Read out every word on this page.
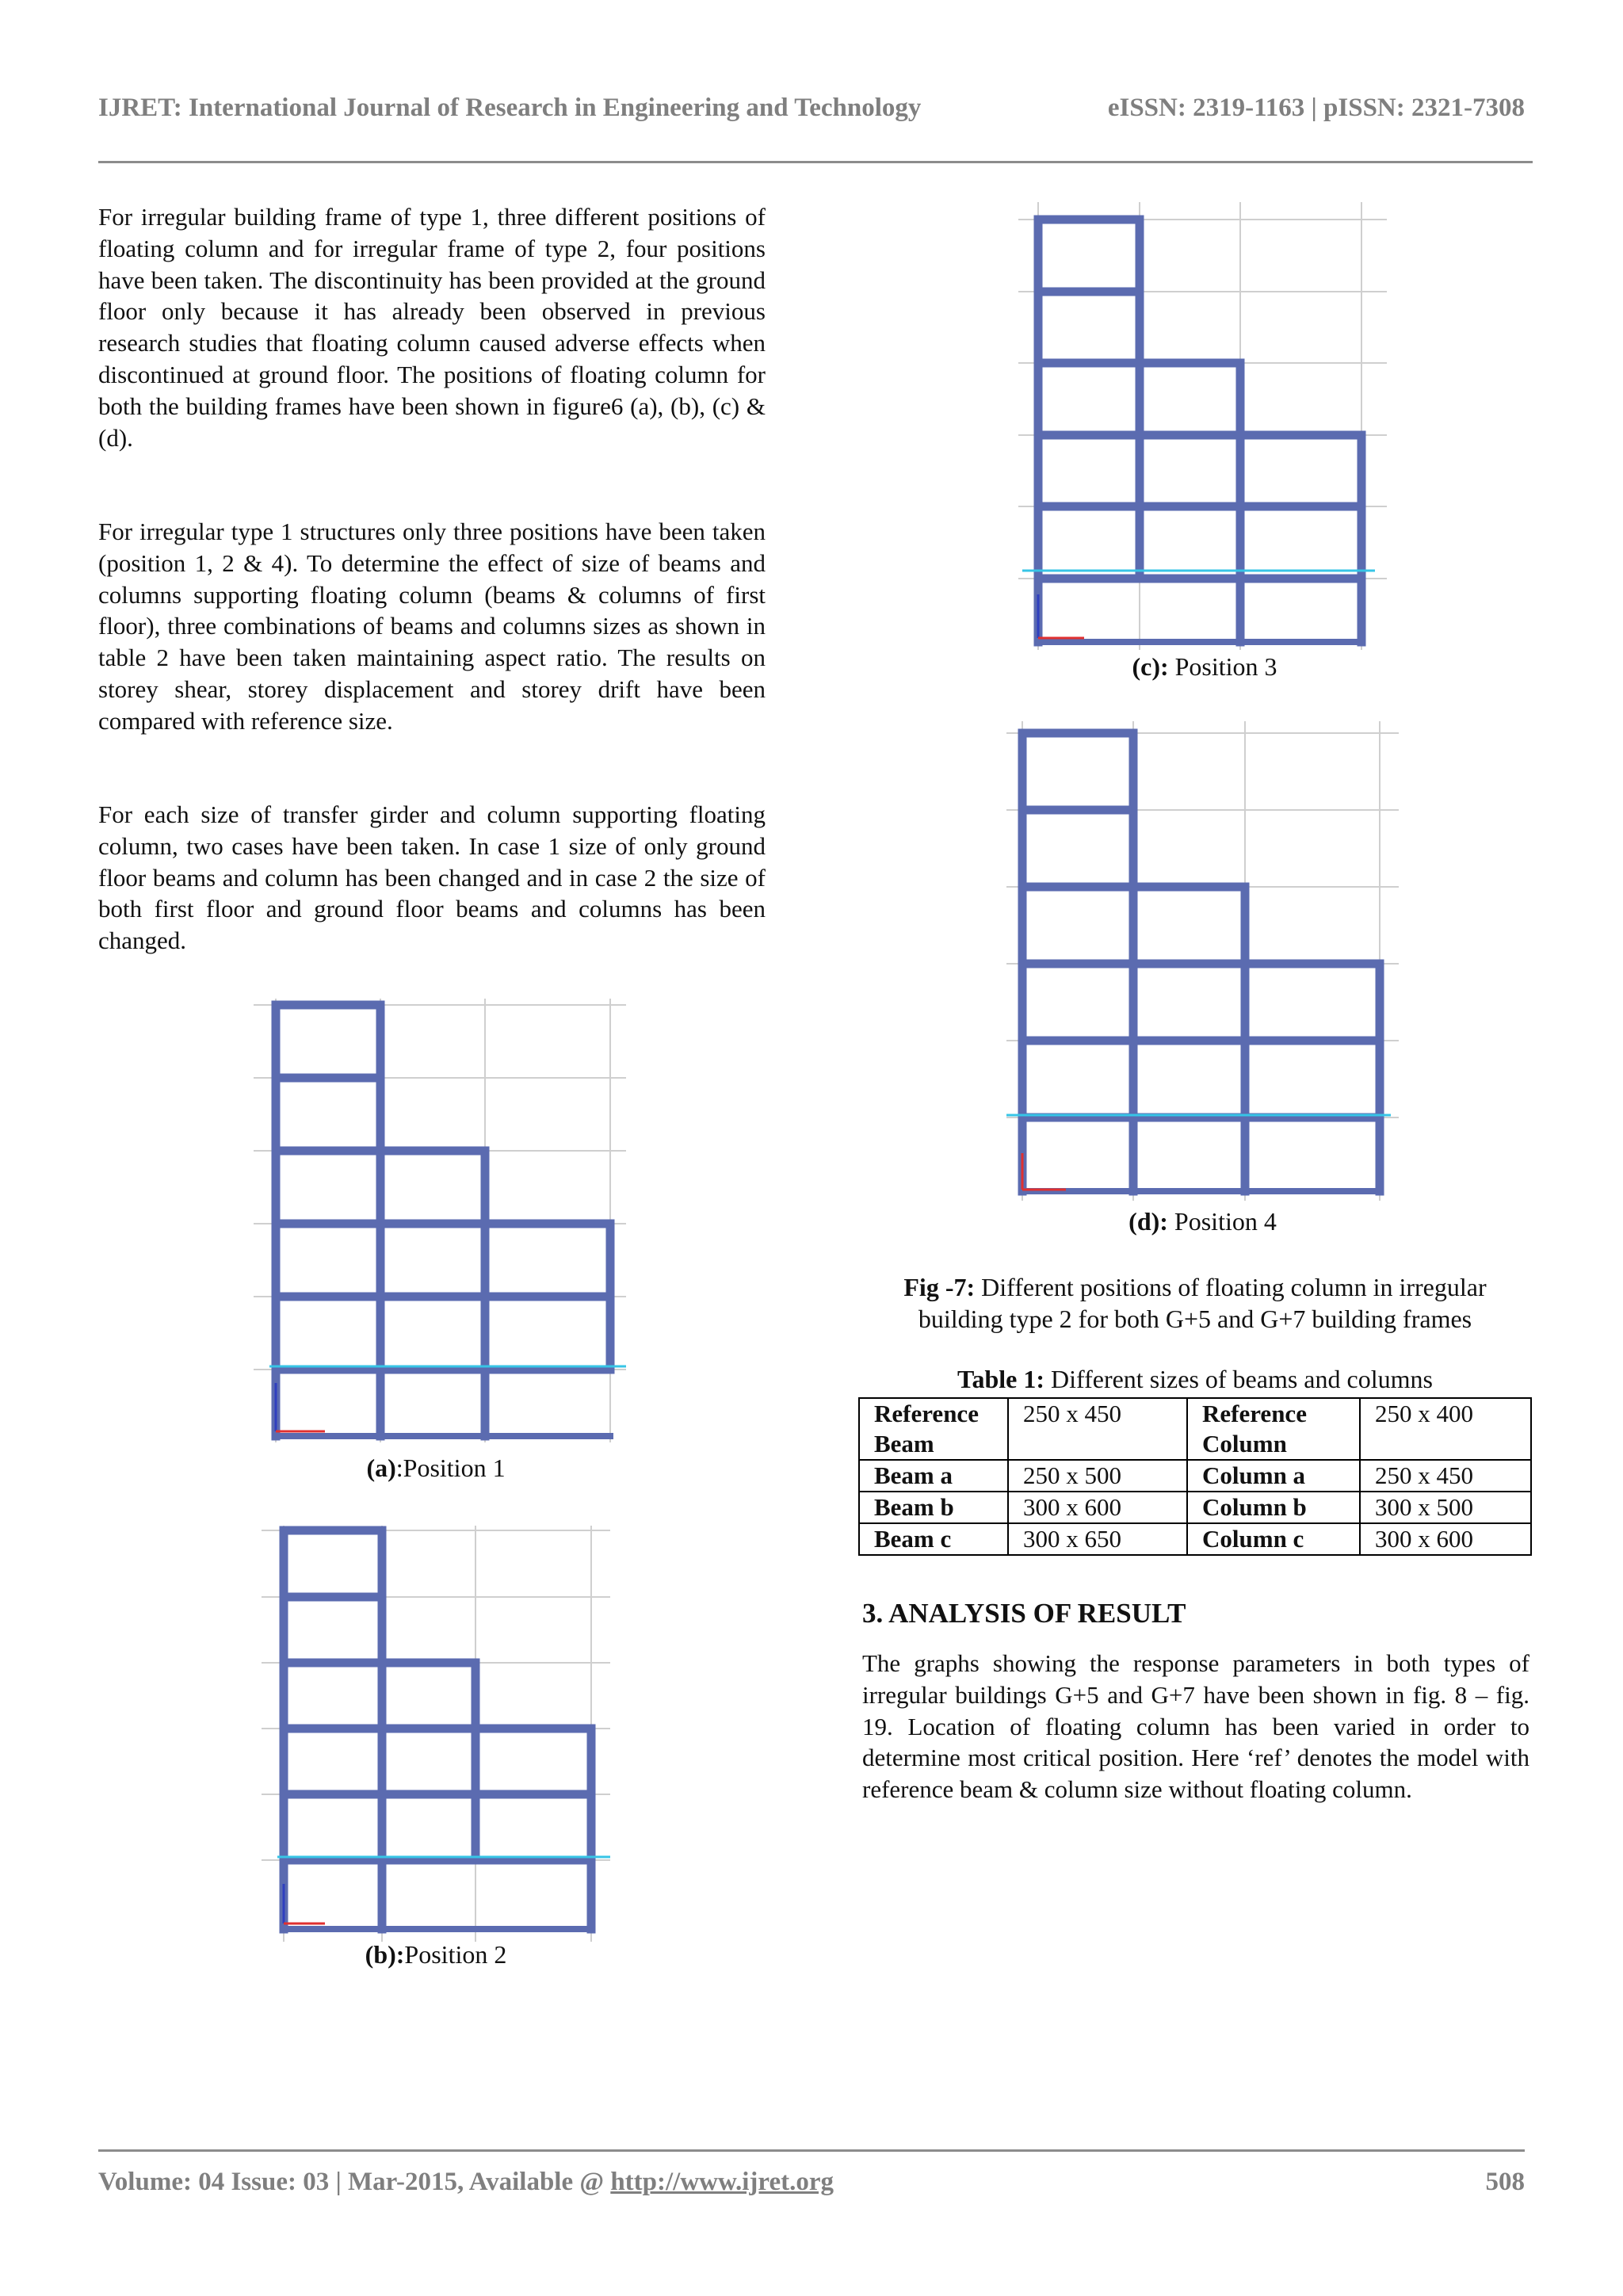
IJRET: International Journal of Research in Engineering and Technology	eISSN: 2319-1163 | pISSN: 2321-7308
For irregular building frame of type 1, three different positions of floating column and for irregular frame of type 2, four positions have been taken. The discontinuity has been provided at the ground floor only because it has already been observed in previous research studies that floating column caused adverse effects when discontinued at ground floor. The positions of floating column for both the building frames have been shown in figure6 (a), (b), (c) & (d).
For irregular type 1 structures only three positions have been taken (position 1, 2 & 4). To determine the effect of size of beams and columns supporting floating column (beams & columns of first floor), three combinations of beams and columns sizes as shown in table 2 have been taken maintaining aspect ratio. The results on storey shear, storey displacement and storey drift have been compared with reference size.
For each size of transfer girder and column supporting floating column, two cases have been taken. In case 1 size of only ground floor beams and column has been changed and in case 2 the size of both first floor and ground floor beams and columns has been changed.
(a):Position 1
(b):Position 2
(c): Position 3
(d): Position 4
Fig -7: Different positions of floating column in irregular
building type 2 for both G+5 and G+7 building frames
Table 1: Different sizes of beams and columns
Reference Beam	250 x 450	Reference Column	250 x 400
Beam a	250 x 500	Column a	250 x 450
Beam b	300 x 600	Column b	300 x 500
Beam c	300 x 650	Column c	300 x 600
3. ANALYSIS OF RESULT
The graphs showing the response parameters in both types of irregular buildings G+5 and G+7 have been shown in fig. 8 – fig. 19. Location of floating column has been varied in order to determine most critical position. Here ‘ref’ denotes the model with reference beam & column size without floating column.
Volume: 04 Issue: 03 | Mar-2015, Available @ http://www.ijret.org	508
